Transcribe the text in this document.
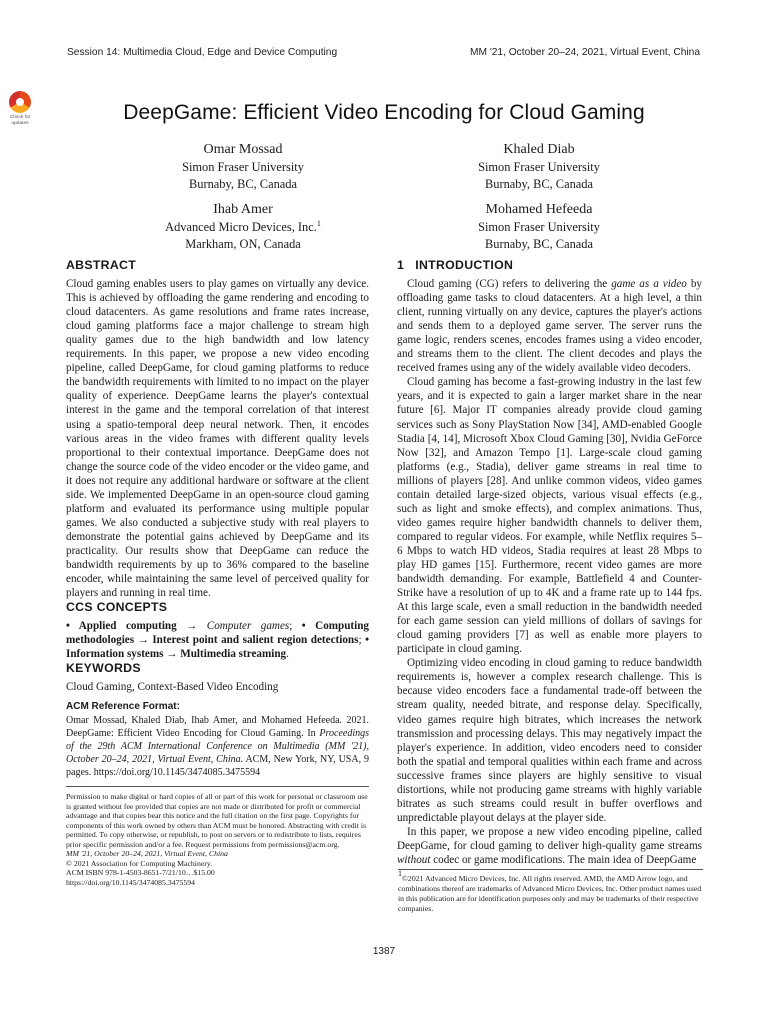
Session 14: Multimedia Cloud, Edge and Device Computing	MM '21, October 20–24, 2021, Virtual Event, China
Check for
updates	DeepGame: Efficient Video Encoding for Cloud Gaming
Omar Mossad
Simon Fraser University
Burnaby, BC, Canada
Khaled Diab
Simon Fraser University
Burnaby, BC, Canada
Ihab Amer
Advanced Micro Devices, Inc.$^1$
Markham, ON, Canada
Mohamed Hefeeda
Simon Fraser University
Burnaby, BC, Canada
ABSTRACT

Cloud gaming enables users to play games on virtually any device. This is achieved by offloading the game rendering and encoding to cloud datacenters. As game resolutions and frame rates increase, cloud gaming platforms face a major challenge to stream high quality games due to the high bandwidth and low latency requirements. In this paper, we propose a new video encoding pipeline, called DeepGame, for cloud gaming platforms to reduce the bandwidth requirements with limited to no impact on the player quality of experience. DeepGame learns the player's contextual interest in the game and the temporal correlation of that interest using a spatio-temporal deep neural network. Then, it encodes various areas in the video frames with different quality levels proportional to their contextual importance. DeepGame does not change the source code of the video encoder or the video game, and it does not require any additional hardware or software at the client side. We implemented DeepGame in an open-source cloud gaming platform and evaluated its performance using multiple popular games. We also conducted a subjective study with real players to demonstrate the potential gains achieved by DeepGame and its practicality. Our results show that DeepGame can reduce the bandwidth requirements by up to 36% compared to the baseline encoder, while maintaining the same level of perceived quality for players and running in real time.

CCS CONCEPTS

• Applied computing → Computer games; • Computing methodologies → Interest point and salient region detections; • Information systems → Multimedia streaming.

KEYWORDS

Cloud Gaming, Context-Based Video Encoding

ACM Reference Format:

Omar Mossad, Khaled Diab, Ihab Amer, and Mohamed Hefeeda. 2021. DeepGame: Efficient Video Encoding for Cloud Gaming. In Proceedings of the 29th ACM International Conference on Multimedia (MM '21), October 20–24, 2021, Virtual Event, China. ACM, New York, NY, USA, 9 pages. https://doi.org/10.1145/3474085.3475594

Permission to make digital or hard copies of all or part of this work for personal or classroom use is granted without fee provided that copies are not made or distributed for profit or commercial advantage and that copies bear this notice and the full citation on the first page. Copyrights for components of this work owned by others than ACM must be honored. Abstracting with credit is permitted. To copy otherwise, or republish, to post on servers or to redistribute to lists, requires prior specific permission and/or a fee. Request permissions from permissions@acm.org.

MM '21, October 20–24, 2021, Virtual Event, China

© 2021 Association for Computing Machinery.

ACM ISBN 978-1-4503-8651-7/21/10…$15.00

https://doi.org/10.1145/3474085.3475594

1   INTRODUCTION

Cloud gaming (CG) refers to delivering the game as a video by offloading game tasks to cloud datacenters. At a high level, a thin client, running virtually on any device, captures the player's actions and sends them to a deployed game server. The server runs the game logic, renders scenes, encodes frames using a video encoder, and streams them to the client. The client decodes and plays the received frames using any of the widely available video decoders.

Cloud gaming has become a fast-growing industry in the last few years, and it is expected to gain a larger market share in the near future [6]. Major IT companies already provide cloud gaming services such as Sony PlayStation Now [34], AMD-enabled Google Stadia [4, 14], Microsoft Xbox Cloud Gaming [30], Nvidia GeForce Now [32], and Amazon Tempo [1]. Large-scale cloud gaming platforms (e.g., Stadia), deliver game streams in real time to millions of players [28]. And unlike common videos, video games contain detailed large-sized objects, various visual effects (e.g., such as light and smoke effects), and complex animations. Thus, video games require higher bandwidth channels to deliver them, compared to regular videos. For example, while Netflix requires 5–6 Mbps to watch HD videos, Stadia requires at least 28 Mbps to play HD games [15]. Furthermore, recent video games are more bandwidth demanding. For example, Battlefield 4 and Counter-Strike have a resolution of up to 4K and a frame rate up to 144 fps. At this large scale, even a small reduction in the bandwidth needed for each game session can yield millions of dollars of savings for cloud gaming providers [7] as well as enable more players to participate in cloud gaming.

Optimizing video encoding in cloud gaming to reduce bandwidth requirements is, however a complex research challenge. This is because video encoders face a fundamental trade-off between the stream quality, needed bitrate, and response delay. Specifically, video games require high bitrates, which increases the network transmission and processing delays. This may negatively impact the player's experience. In addition, video encoders need to consider both the spatial and temporal qualities within each frame and across successive frames since players are highly sensitive to visual distortions, while not producing game streams with highly variable bitrates as such streams could result in buffer overflows and unpredictable playout delays at the player side.

In this paper, we propose a new video encoding pipeline, called DeepGame, for cloud gaming to deliver high-quality game streams without codec or game modifications. The main idea of DeepGame

$^1$©2021 Advanced Micro Devices, Inc. All rights reserved. AMD, the AMD Arrow logo, and combinations thereof are trademarks of Advanced Micro Devices, Inc. Other product names used in this publication are for identification purposes only and may be trademarks of their respective companies.
1387
